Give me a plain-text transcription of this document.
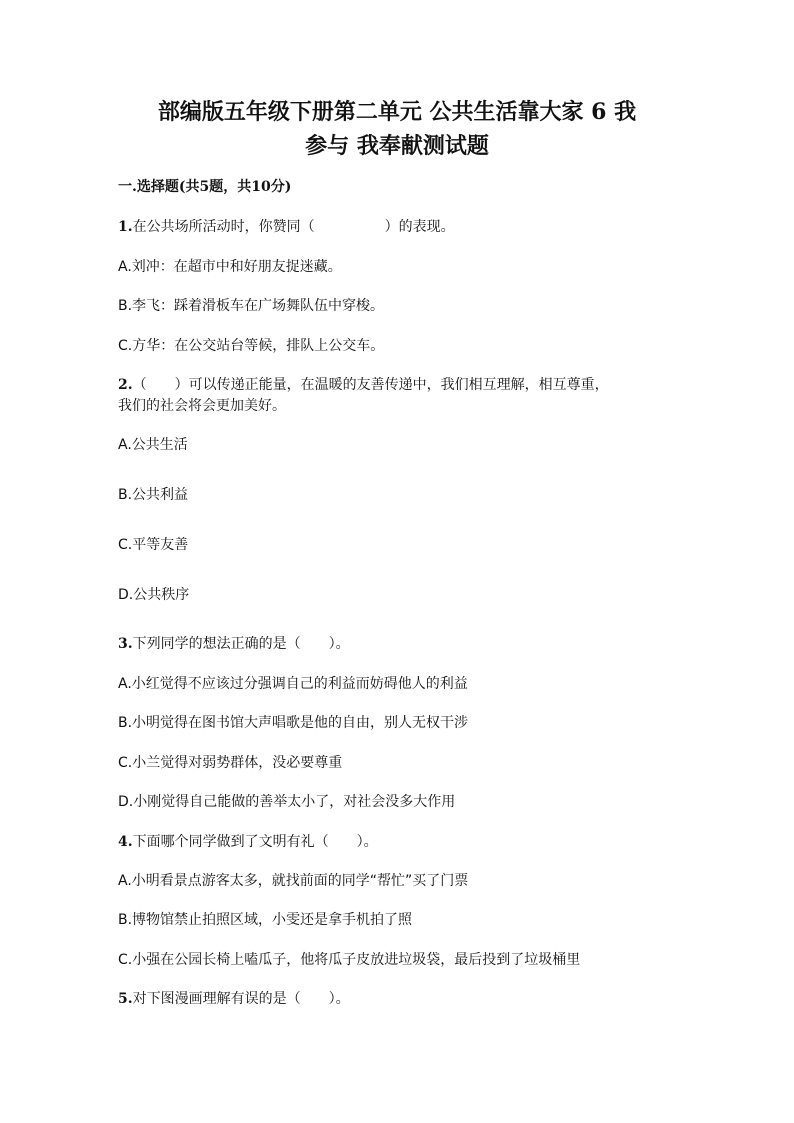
部编版五年级下册第二单元 公共生活靠大家 6 我
参与 我奉献测试题
一.选择题(共5题，共10分)
1.在公共场所活动时，你赞同（　　　　　）的表现。
A.刘冲：在超市中和好朋友捉迷藏。
B.李飞：踩着滑板车在广场舞队伍中穿梭。
C.方华：在公交站台等候，排队上公交车。
2.（　　）可以传递正能量，在温暖的友善传递中，我们相互理解，相互尊重，
我们的社会将会更加美好。
A.公共生活
B.公共利益
C.平等友善
D.公共秩序
3.下列同学的想法正确的是（　　）。
A.小红觉得不应该过分强调自己的利益而妨碍他人的利益
B.小明觉得在图书馆大声唱歌是他的自由，别人无权干涉
C.小兰觉得对弱势群体，没必要尊重
D.小刚觉得自己能做的善举太小了，对社会没多大作用
4.下面哪个同学做到了文明有礼（　　）。
A.小明看景点游客太多，就找前面的同学“帮忙”买了门票
B.博物馆禁止拍照区域，小雯还是拿手机拍了照
C.小强在公园长椅上嗑瓜子，他将瓜子皮放进垃圾袋，最后投到了垃圾桶里
5.对下图漫画理解有误的是（　　）。
